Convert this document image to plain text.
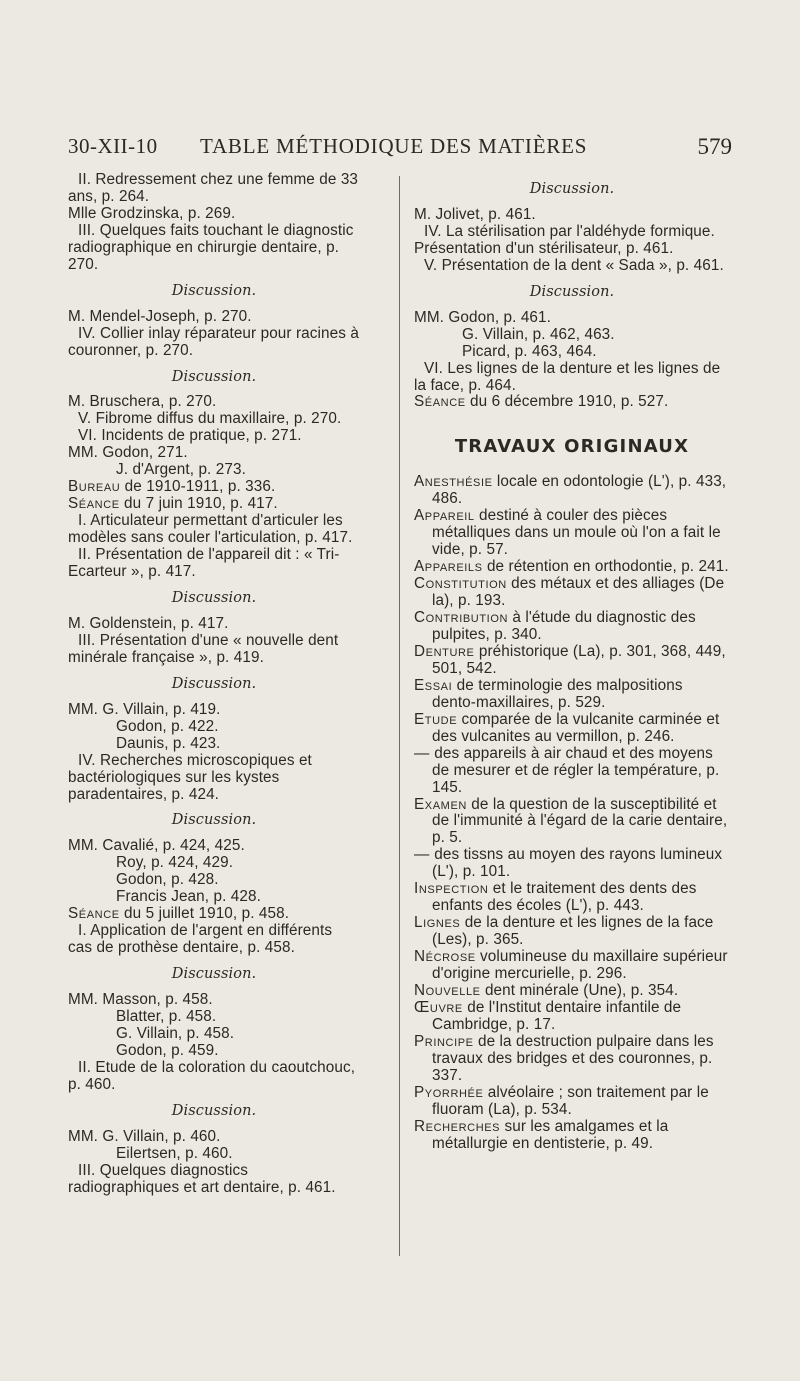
30-XII-10 TABLE MÉTHODIQUE DES MATIÈRES	579
II. Redressement chez une femme de 33 ans, p. 264.
Mlle Grodzinska, p. 269.
III. Quelques faits touchant le diagnostic radiographique en chirurgie dentaire, p. 270.
Discussion.
M. Mendel-Joseph, p. 270.
IV. Collier inlay réparateur pour racines à couronner, p. 270.
Discussion.
M. Bruschera, p. 270.
V. Fibrome diffus du maxillaire, p. 270.
VI. Incidents de pratique, p. 271.
MM. Godon, 271.
J. d'Argent, p. 273.
Bureau de 1910-1911, p. 336.
Séance du 7 juin 1910, p. 417.
I. Articulateur permettant d'articuler les modèles sans couler l'articulation, p. 417.
II. Présentation de l'appareil dit : « Tri-Ecarteur », p. 417.
Discussion.
M. Goldenstein, p. 417.
III. Présentation d'une « nouvelle dent minérale française », p. 419.
Discussion.
MM. G. Villain, p. 419.
Godon, p. 422.
Daunis, p. 423.
IV. Recherches microscopiques et bactériologiques sur les kystes paradentaires, p. 424.
Discussion.
MM. Cavalié, p. 424, 425.
Roy, p. 424, 429.
Godon, p. 428.
Francis Jean, p. 428.
Séance du 5 juillet 1910, p. 458.
I. Application de l'argent en différents cas de prothèse dentaire, p. 458.
Discussion.
MM. Masson, p. 458.
Blatter, p. 458.
G. Villain, p. 458.
Godon, p. 459.
II. Etude de la coloration du caoutchouc, p. 460.
Discussion.
MM. G. Villain, p. 460.
Eilertsen, p. 460.
III. Quelques diagnostics radiographiques et art dentaire, p. 461.
Discussion.
M. Jolivet, p. 461.
IV. La stérilisation par l'aldéhyde formique. Présentation d'un stérilisateur, p. 461.
V. Présentation de la dent « Sada », p. 461.
Discussion.
MM. Godon, p. 461.
G. Villain, p. 462, 463.
Picard, p. 463, 464.
VI. Les lignes de la denture et les lignes de la face, p. 464.
Séance du 6 décembre 1910, p. 527.
TRAVAUX ORIGINAUX
Anesthésie locale en odontologie (L'), p. 433, 486.
Appareil destiné à couler des pièces métalliques dans un moule où l'on a fait le vide, p. 57.
Appareils de rétention en orthodontie, p. 241.
Constitution des métaux et des alliages (De la), p. 193.
Contribution à l'étude du diagnostic des pulpites, p. 340.
Denture préhistorique (La), p. 301, 368, 449, 501, 542.
Essai de terminologie des malpositions dento-maxillaires, p. 529.
Etude comparée de la vulcanite carminée et des vulcanites au vermillon, p. 246.
— des appareils à air chaud et des moyens de mesurer et de régler la température, p. 145.
Examen de la question de la susceptibilité et de l'immunité à l'égard de la carie dentaire, p. 5.
— des tissns au moyen des rayons lumineux (L'), p. 101.
Inspection et le traitement des dents des enfants des écoles (L'), p. 443.
Lignes de la denture et les lignes de la face (Les), p. 365.
Nécrose volumineuse du maxillaire supérieur d'origine mercurielle, p. 296.
Nouvelle dent minérale (Une), p. 354.
Œuvre de l'Institut dentaire infantile de Cambridge, p. 17.
Principe de la destruction pulpaire dans les travaux des bridges et des couronnes, p. 337.
Pyorrhée alvéolaire ; son traitement par le fluoram (La), p. 534.
Recherches sur les amalgames et la métallurgie en dentisterie, p. 49.
